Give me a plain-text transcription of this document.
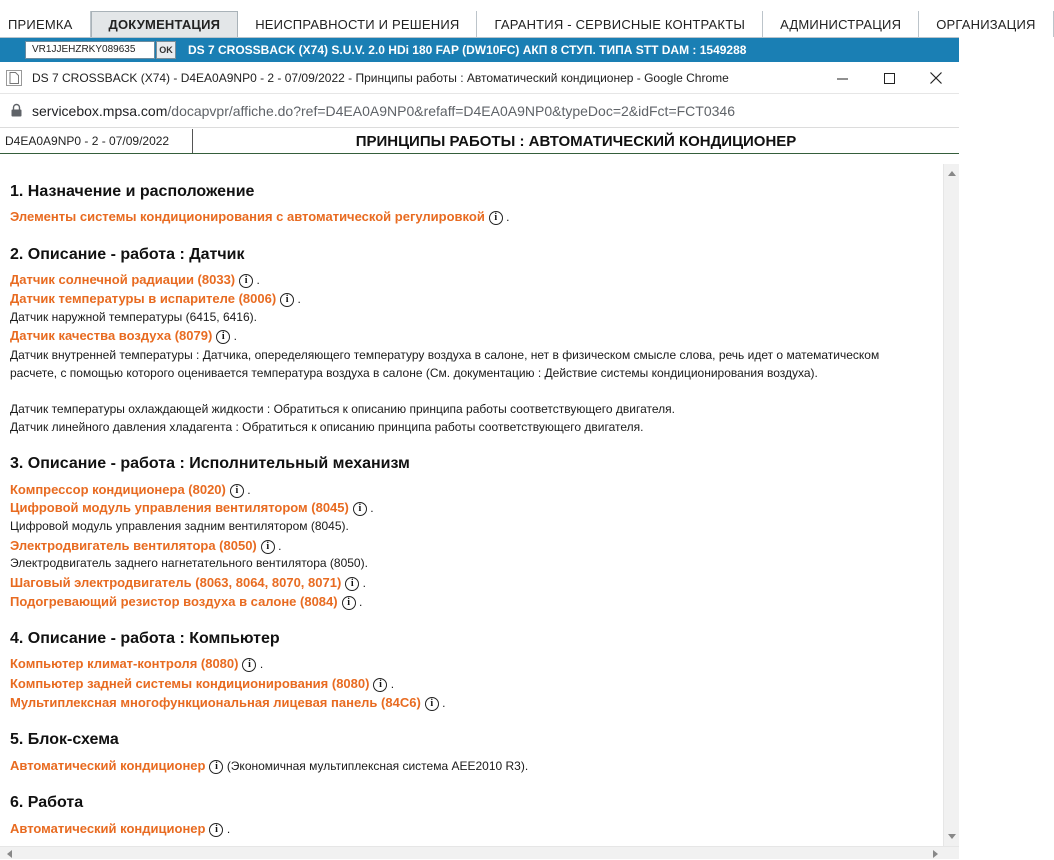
ПРИЕМКА	ДОКУМЕНТАЦИЯ	НЕИСПРАВНОСТИ И РЕШЕНИЯ	ГАРАНТИЯ - СЕРВИСНЫЕ КОНТРАКТЫ	АДМИНИСТРАЦИЯ	ОРГАНИЗАЦИЯ
VR1JJEHZRKY089635	OK DS 7 CROSSBACK (X74) S.U.V. 2.0 HDi 180 FAP (DW10FC) АКП 8 СТУП. ТИПА STT DAM : 1549288
DS 7 CROSSBACK (X74) - D4EA0A9NP0 - 2 - 07/09/2022 - Принципы работы : Автоматический кондиционер - Google Chrome
servicebox.mpsa.com/docapvpr/affiche.do?ref=D4EA0A9NP0&refaff=D4EA0A9NP0&typeDoc=2&idFct=FCT0346
D4EA0A9NP0 - 2 - 07/09/2022	ПРИНЦИПЫ РАБОТЫ : АВТОМАТИЧЕСКИЙ КОНДИЦИОНЕР
1. Назначение и расположение
Элементы системы кондиционирования с автоматической регулировкой i .
2. Описание - работа : Датчик
Датчик солнечной радиации (8033) i .
Датчик температуры в испарителе (8006) i .
Датчик наружной температуры (6415, 6416).
Датчик качества воздуха (8079) i .
Датчик внутренней температуры : Датчика, опеределяющего температуру воздуха в салоне, нет в физическом смысле слова, речь идет о математическом расчете, с помощью которого оценивается температура воздуха в салоне (См. документацию : Действие системы кондиционирования воздуха).
Датчик температуры охлаждающей жидкости : Обратиться к описанию принципа работы соответствующего двигателя.
Датчик линейного давления хладагента : Обратиться к описанию принципа работы соответствующего двигателя.
3. Описание - работа : Исполнительный механизм
Компрессор кондиционера (8020) i .
Цифровой модуль управления вентилятором (8045) i .
Цифровой модуль управления задним вентилятором (8045).
Электродвигатель вентилятора (8050) i .
Электродвигатель заднего нагнетательного вентилятора (8050).
Шаговый электродвигатель (8063, 8064, 8070, 8071) i .
Подогревающий резистор воздуха в салоне (8084) i .
4. Описание - работа : Компьютер
Компьютер климат-контроля (8080) i .
Компьютер задней системы кондиционирования (8080) i .
Мультиплексная многофункциональная лицевая панель (84C6) i .
5. Блок-схема
Автоматический кондиционер i (Экономичная мультиплексная система AEE2010 R3).
6. Работа
Автоматический кондиционер i .
